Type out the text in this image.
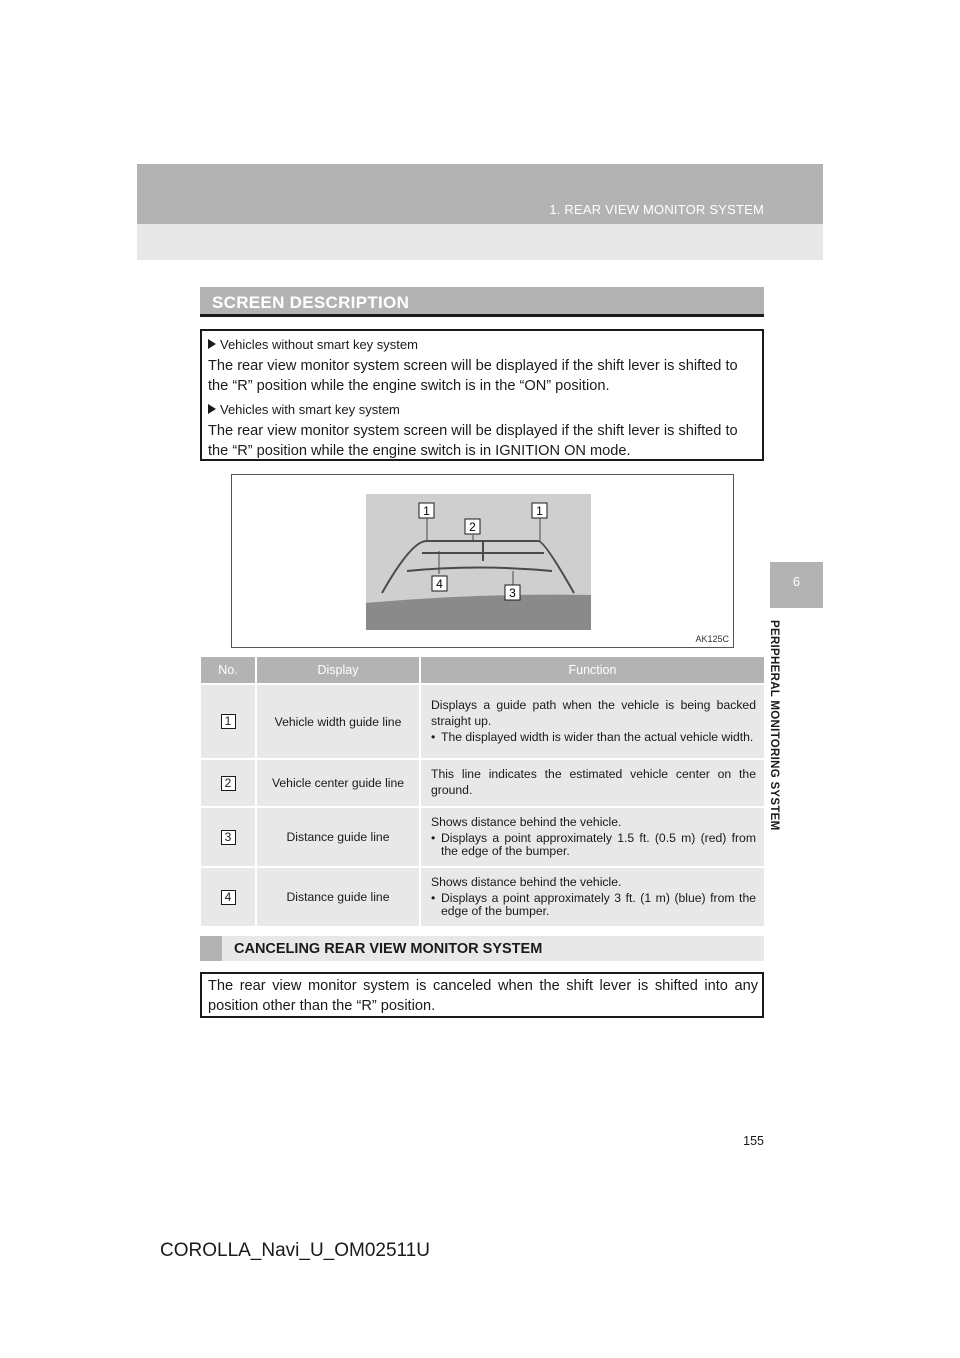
1. REAR VIEW MONITOR SYSTEM
6
PERIPHERAL MONITORING SYSTEM
SCREEN DESCRIPTION
Vehicles without smart key system

The rear view monitor system screen will be displayed if the shift lever is shifted to the “R” position while the engine switch is in the “ON” position.

Vehicles with smart key system

The rear view monitor system screen will be displayed if the shift lever is shifted to the “R” position while the engine switch is in IGNITION ON mode.

1
2
1
4
3
AK125C
No.	Display	Function
1	Vehicle width guide line	Displays a guide path when the vehicle is being backed straight up.
• The displayed width is wider than the actual vehicle width.

2	Vehicle center guide line	This line indicates the estimated vehicle center on the ground.

3	Distance guide line	Shows distance behind the vehicle.
• Displays a point approximately 1.5 ft. (0.5 m) (red) from the edge of the bumper.

4	Distance guide line	Shows distance behind the vehicle.
• Displays a point approximately 3 ft. (1 m) (blue) from the edge of the bumper.
CANCELING REAR VIEW MONITOR SYSTEM

The rear view monitor system is canceled when the shift lever is shifted into any position other than the “R” position.

155
COROLLA_Navi_U_OM02511U
